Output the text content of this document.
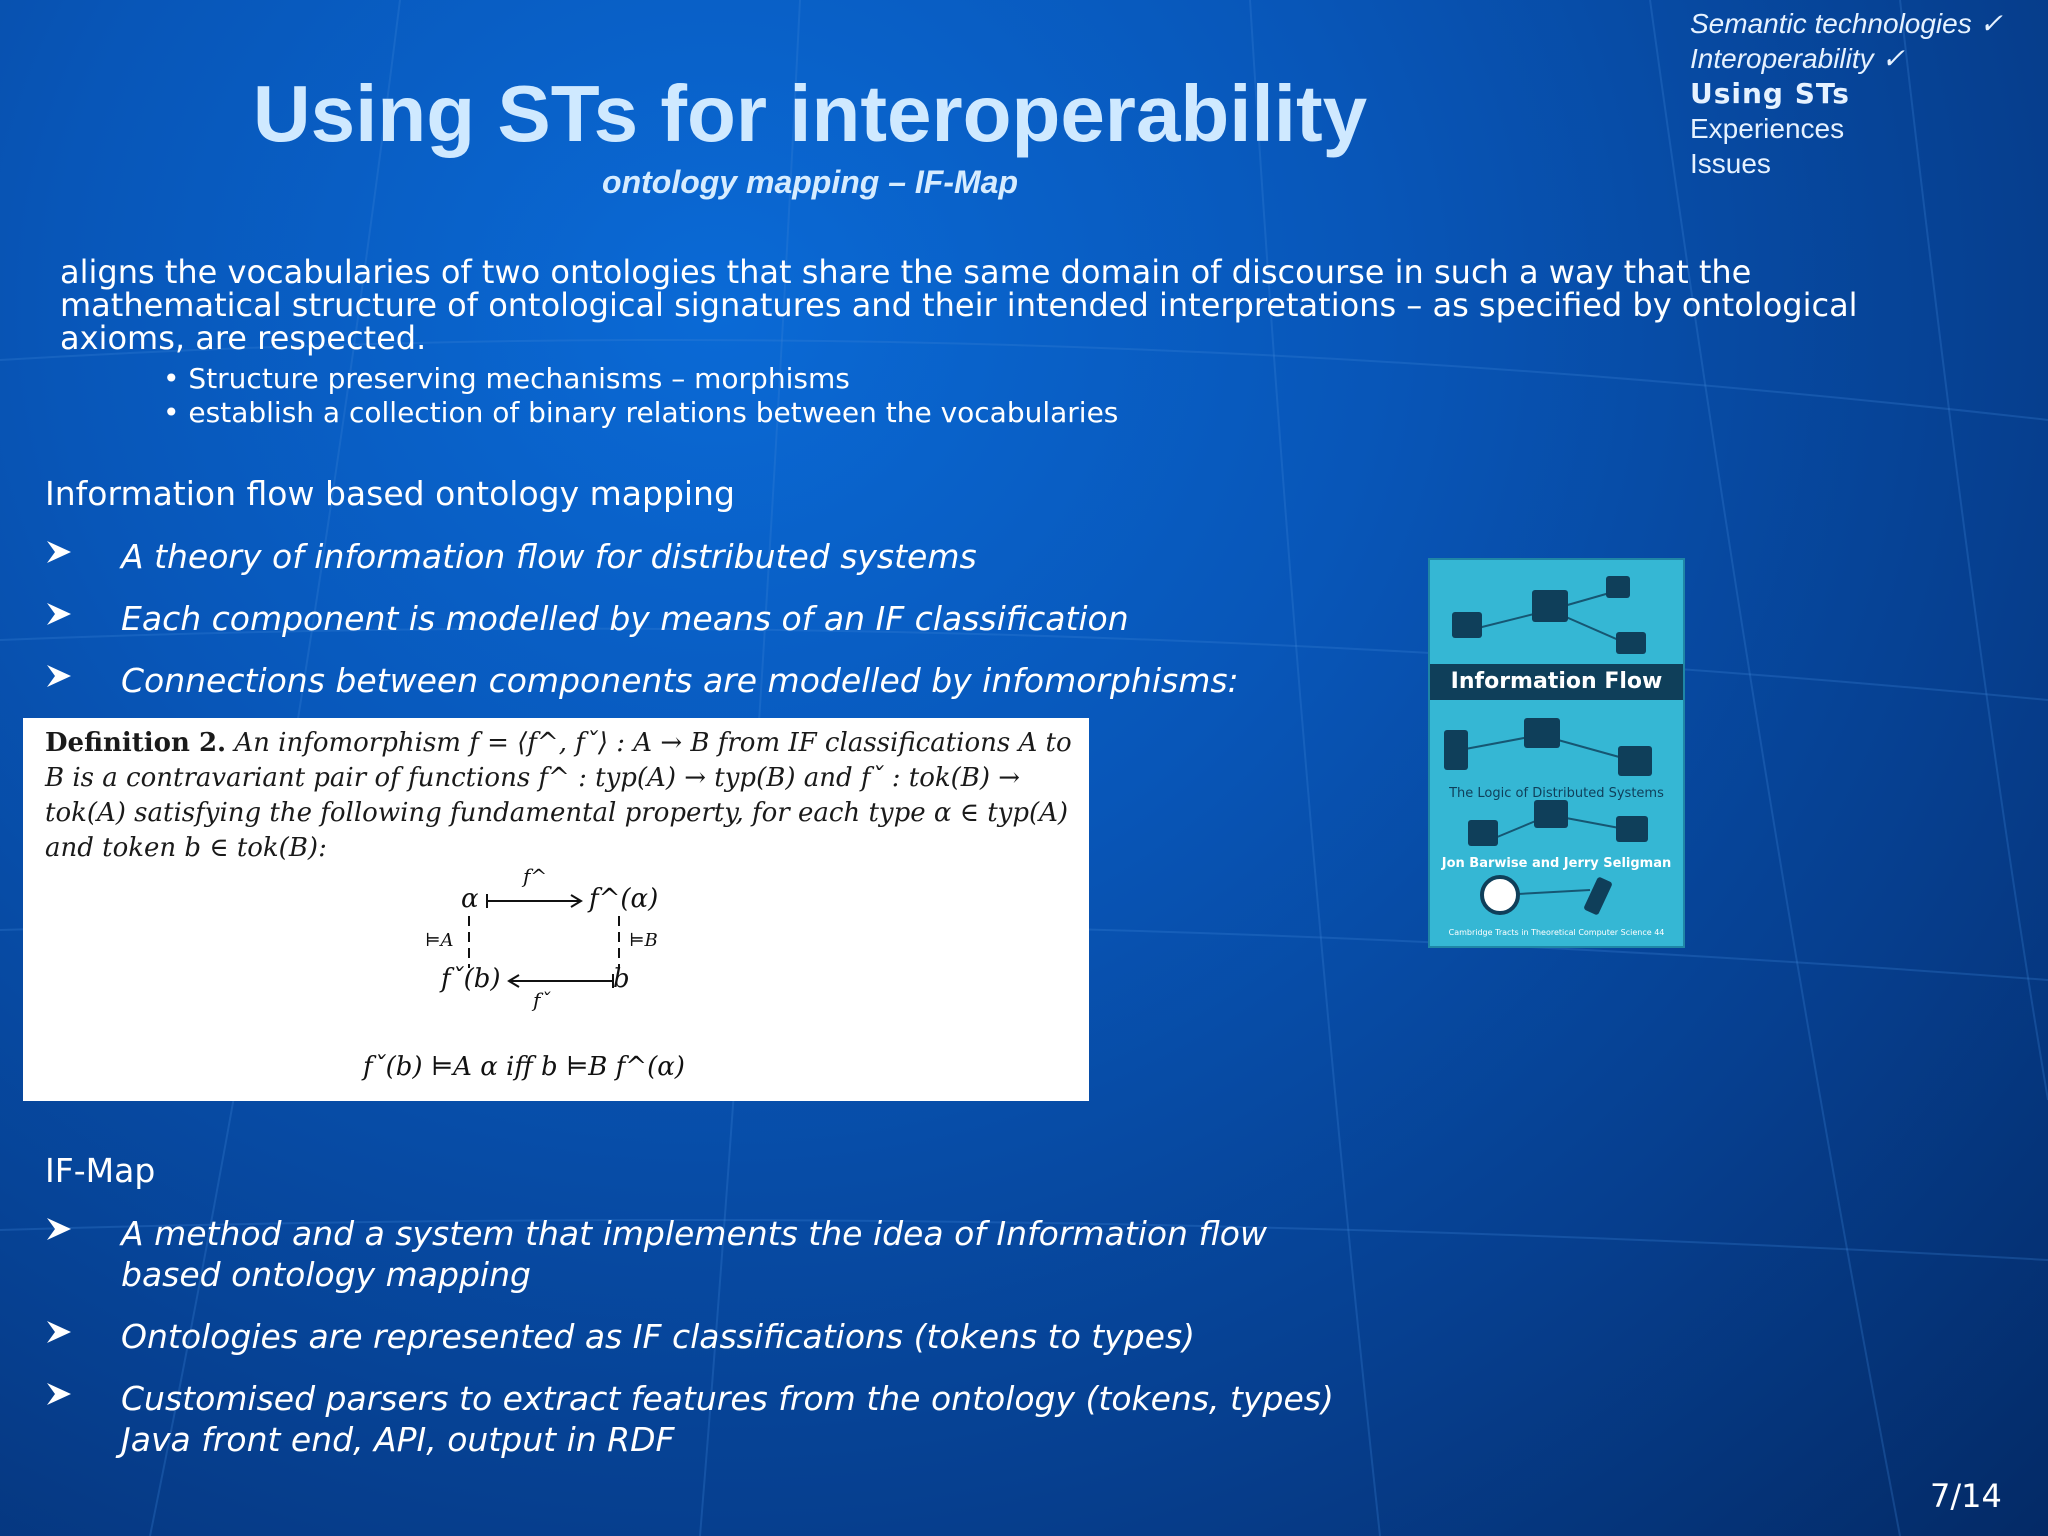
Using STs for interoperability
ontology mapping – IF-Map
Semantic technologies ✓
Interoperability ✓
Using STs
Experiences
Issues
aligns the vocabularies of two ontologies that share the same domain of discourse in such a way that the mathematical structure of ontological signatures and their intended interpretations – as specified by ontological axioms, are respected.
• Structure preserving mechanisms – morphisms
• establish a collection of binary relations between the vocabularies
Information flow based ontology mapping
A theory of information flow for distributed systems
Each component is modelled by means of an IF classification
Connections between components are modelled by infomorphisms:
Definition 2. An infomorphism f = ⟨f^, fˇ⟩ : A → B from IF classifications A to B is a contravariant pair of functions f^ : typ(A) → typ(B) and fˇ : tok(B) → tok(A) satisfying the following fundamental property, for each type α ∈ typ(A) and token b ∈ tok(B):
α	f^(α)
f^
⊨A	⊨B
fˇ(b)	b
fˇ
fˇ(b) ⊨A α iff b ⊨B f^(α)
Information Flow
The Logic of Distributed Systems
Jon Barwise and Jerry Seligman
Cambridge Tracts in Theoretical Computer Science 44
IF-Map
A method and a system that implements the idea of Information flow based ontology mapping
Ontologies are represented as IF classifications (tokens to types)
Customised parsers to extract features from the ontology (tokens, types) Java front end, API, output in RDF
7/14
